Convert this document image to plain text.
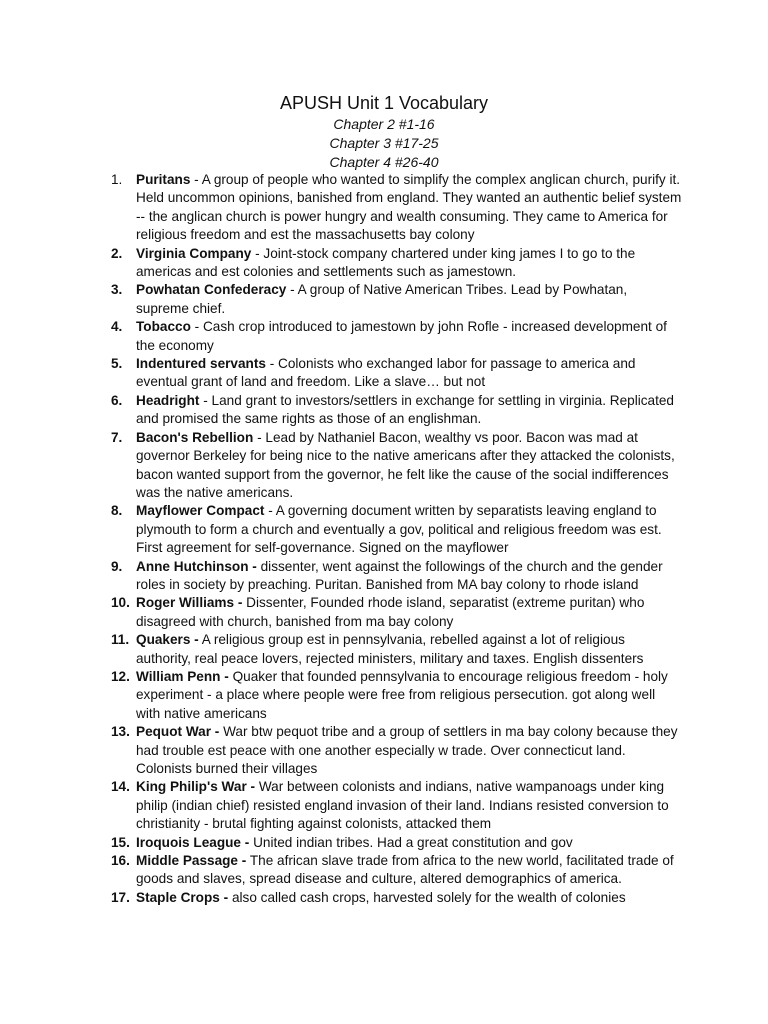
APUSH Unit 1 Vocabulary
Chapter 2 #1-16
Chapter 3 #17-25
Chapter 4 #26-40
1. Puritans - A group of people who wanted to simplify the complex anglican church, purify it. Held uncommon opinions, banished from england. They wanted an authentic belief system -- the anglican church is power hungry and wealth consuming. They came to America for religious freedom and est the massachusetts bay colony
2. Virginia Company - Joint-stock company chartered under king james I to go to the americas and est colonies and settlements such as jamestown.
3. Powhatan Confederacy - A group of Native American Tribes. Lead by Powhatan, supreme chief.
4. Tobacco - Cash crop introduced to jamestown by john Rofle - increased development of the economy
5. Indentured servants - Colonists who exchanged labor for passage to america and eventual grant of land and freedom. Like a slave… but not
6. Headright - Land grant to investors/settlers in exchange for settling in virginia. Replicated and promised the same rights as those of an englishman.
7. Bacon's Rebellion - Lead by Nathaniel Bacon, wealthy vs poor. Bacon was mad at governor Berkeley for being nice to the native americans after they attacked the colonists, bacon wanted support from the governor, he felt like the cause of the social indifferences was the native americans.
8. Mayflower Compact - A governing document written by separatists leaving england to plymouth to form a church and eventually a gov, political and religious freedom was est. First agreement for self-governance. Signed on the mayflower
9. Anne Hutchinson - dissenter, went against the followings of the church and the gender roles in society by preaching. Puritan. Banished from MA bay colony to rhode island
10. Roger Williams - Dissenter, Founded rhode island, separatist (extreme puritan) who disagreed with church, banished from ma bay colony
11. Quakers - A religious group est in pennsylvania, rebelled against a lot of religious authority, real peace lovers, rejected ministers, military and taxes. English dissenters
12. William Penn - Quaker that founded pennsylvania to encourage religious freedom - holy experiment - a place where people were free from religious persecution. got along well with native americans
13. Pequot War - War btw pequot tribe and a group of settlers in ma bay colony because they had trouble est peace with one another especially w trade. Over connecticut land. Colonists burned their villages
14. King Philip's War - War between colonists and indians, native wampanoags under king philip (indian chief) resisted england invasion of their land. Indians resisted conversion to christianity - brutal fighting against colonists, attacked them
15. Iroquois League - United indian tribes. Had a great constitution and gov
16. Middle Passage - The african slave trade from africa to the new world, facilitated trade of goods and slaves, spread disease and culture, altered demographics of america.
17. Staple Crops - also called cash crops, harvested solely for the wealth of colonies
